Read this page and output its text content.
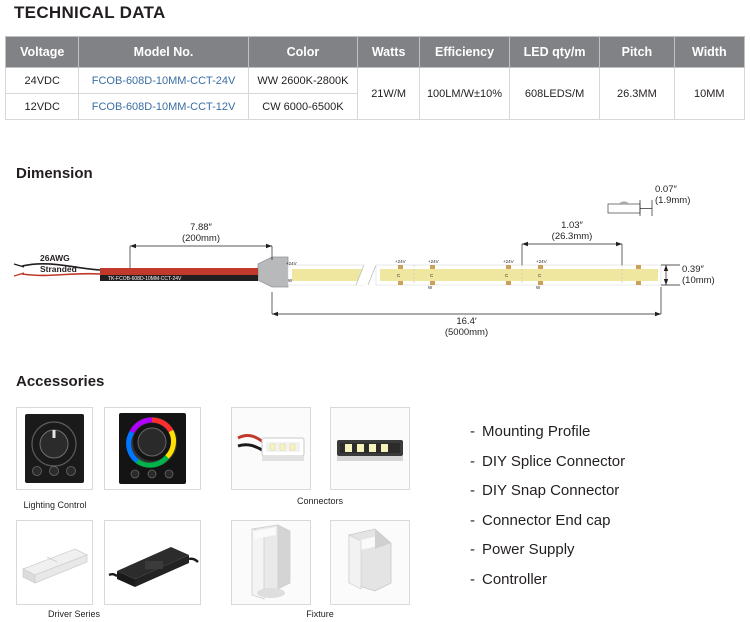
TECHNICAL DATA
Voltage	Model No.	Color	Watts	Efficiency	LED qty/m	Pitch	Width
24VDC	FCOB-608D-10MM-CCT-24V	WW 2600K-2800K	21W/M	100LM/W±10%	608LEDS/M	26.3MM	10MM
12VDC	FCOB-608D-10MM-CCT-12V	CW 6000-6500K					
Dimension
0.07″
(1.9mm)
1.03″
(26.3mm)
7.88″
(200mm)
0.39″
(10mm)
16.4′
(5000mm)
26AWG
Stranded
TK-FCOB-608D-10MM-CCT-24V
+24V
W
+24V
C
+24V
C
W
+24V
C
+24V
C
W
Accessories
Lighting Control	Connectors
Driver Series	Fixture
- Mounting Profile
- DIY Splice Connector
- DIY Snap Connector
- Connector End cap
- Power Supply
- Controller
